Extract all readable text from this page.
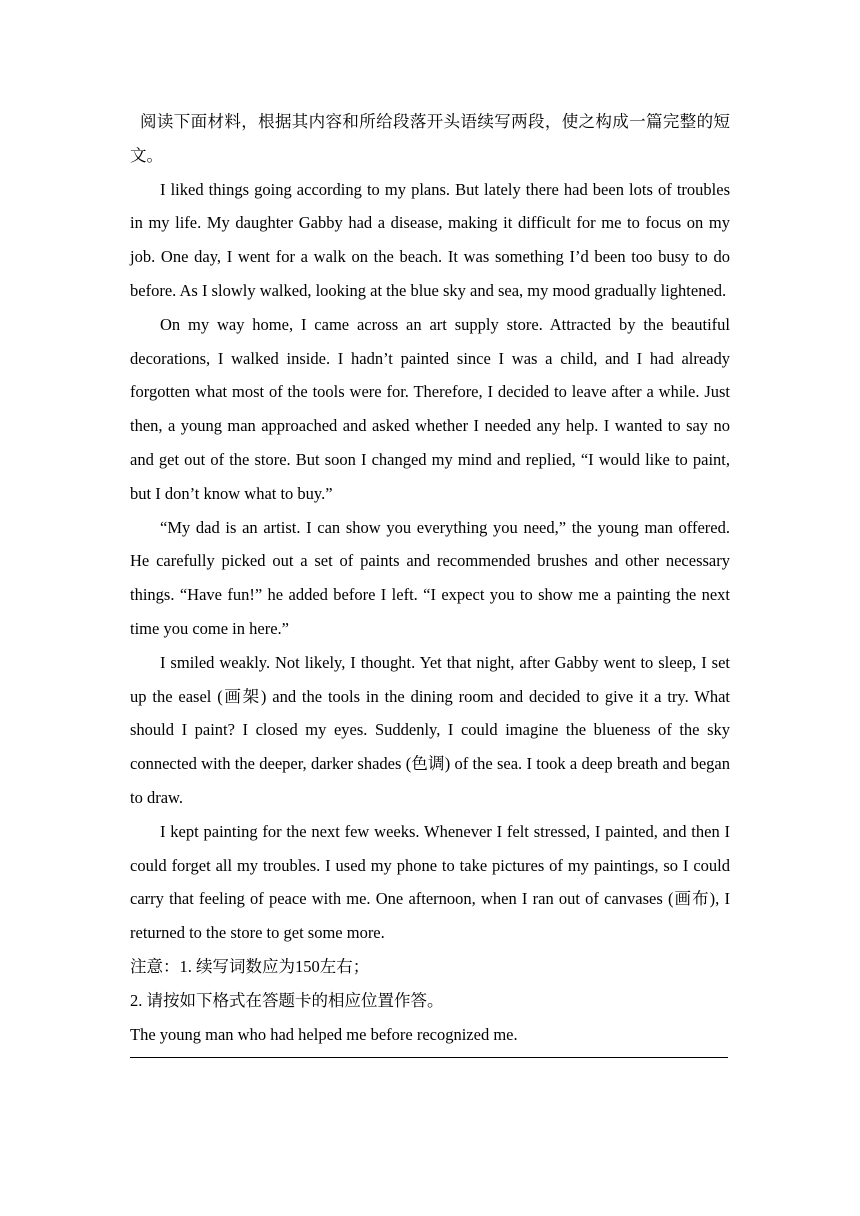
阅读下面材料，根据其内容和所给段落开头语续写两段，使之构成一篇完整的短文。

I liked things going according to my plans. But lately there had been lots of troubles in my life. My daughter Gabby had a disease, making it difficult for me to focus on my job. One day, I went for a walk on the beach. It was something I’d been too busy to do before. As I slowly walked, looking at the blue sky and sea, my mood gradually lightened.

On my way home, I came across an art supply store. Attracted by the beautiful decorations, I walked inside. I hadn’t painted since I was a child, and I had already forgotten what most of the tools were for. Therefore, I decided to leave after a while. Just then, a young man approached and asked whether I needed any help. I wanted to say no and get out of the store. But soon I changed my mind and replied, “I would like to paint, but I don’t know what to buy.”

“My dad is an artist. I can show you everything you need,” the young man offered. He carefully picked out a set of paints and recommended brushes and other necessary things. “Have fun!” he added before I left. “I expect you to show me a painting the next time you come in here.”

I smiled weakly. Not likely, I thought. Yet that night, after Gabby went to sleep, I set up the easel (画架) and the tools in the dining room and decided to give it a try. What should I paint? I closed my eyes. Suddenly, I could imagine the blueness of the sky connected with the deeper, darker shades (色调) of the sea. I took a deep breath and began to draw.

I kept painting for the next few weeks. Whenever I felt stressed, I painted, and then I could forget all my troubles. I used my phone to take pictures of my paintings, so I could carry that feeling of peace with me. One afternoon, when I ran out of canvases (画布), I returned to the store to get some more.

注意：1. 续写词数应为150左右；

2. 请按如下格式在答题卡的相应位置作答。

The young man who had helped me before recognized me.
